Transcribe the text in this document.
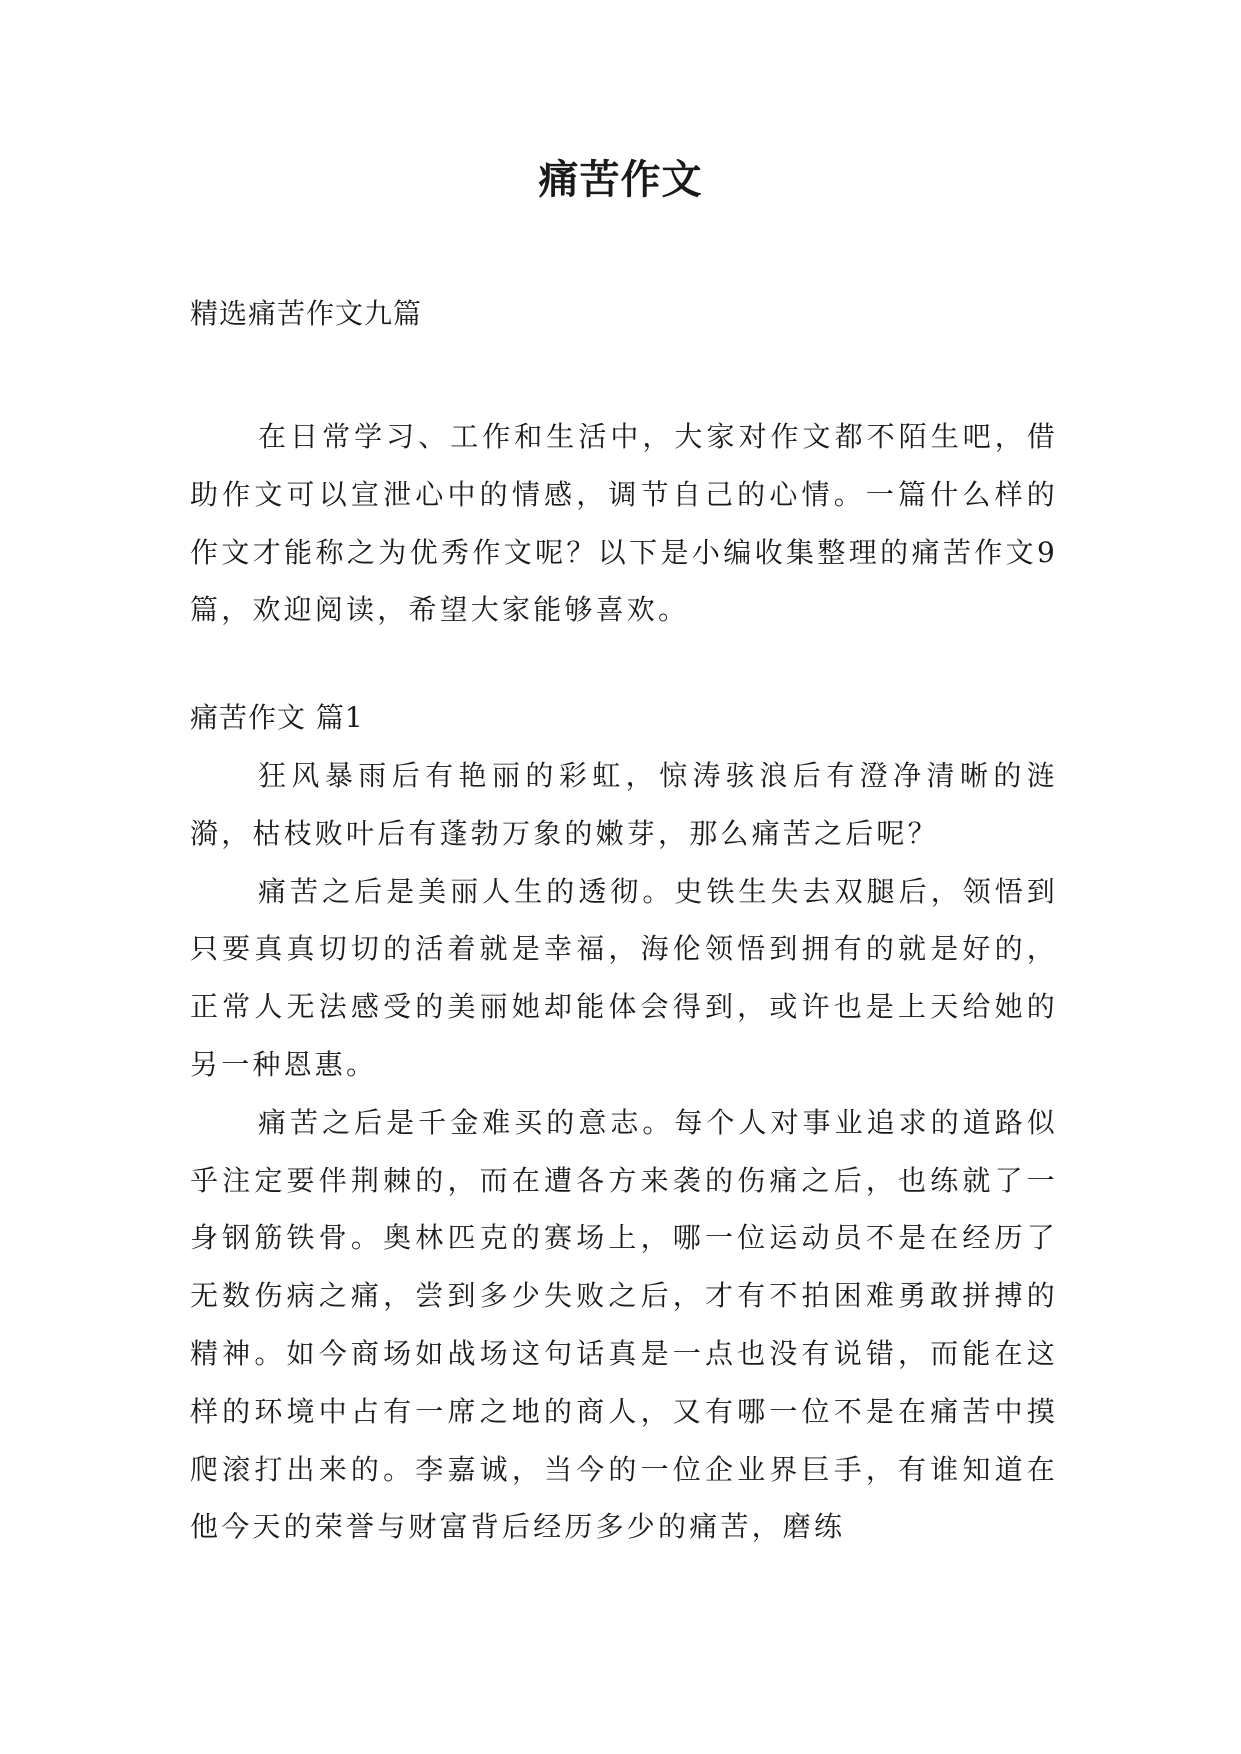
痛苦作文

精选痛苦作文九篇

在日常学习、工作和生活中，大家对作文都不陌生吧，借助作文可以宣泄心中的情感，调节自己的心情。一篇什么样的作文才能称之为优秀作文呢？以下是小编收集整理的痛苦作文9篇，欢迎阅读，希望大家能够喜欢。

痛苦作文 篇1

狂风暴雨后有艳丽的彩虹，惊涛骇浪后有澄净清晰的涟漪，枯枝败叶后有蓬勃万象的嫩芽，那么痛苦之后呢？

痛苦之后是美丽人生的透彻。史铁生失去双腿后，领悟到只要真真切切的活着就是幸福，海伦领悟到拥有的就是好的，正常人无法感受的美丽她却能体会得到，或许也是上天给她的另一种恩惠。

痛苦之后是千金难买的意志。每个人对事业追求的道路似乎注定要伴荆棘的，而在遭各方来袭的伤痛之后，也练就了一身钢筋铁骨。奥林匹克的赛场上，哪一位运动员不是在经历了无数伤病之痛，尝到多少失败之后，才有不拍困难勇敢拼搏的精神。如今商场如战场这句话真是一点也没有说错，而能在这样的环境中占有一席之地的商人，又有哪一位不是在痛苦中摸爬滚打出来的。李嘉诚，当今的一位企业界巨手，有谁知道在他今天的荣誉与财富背后经历多少的痛苦，磨练
